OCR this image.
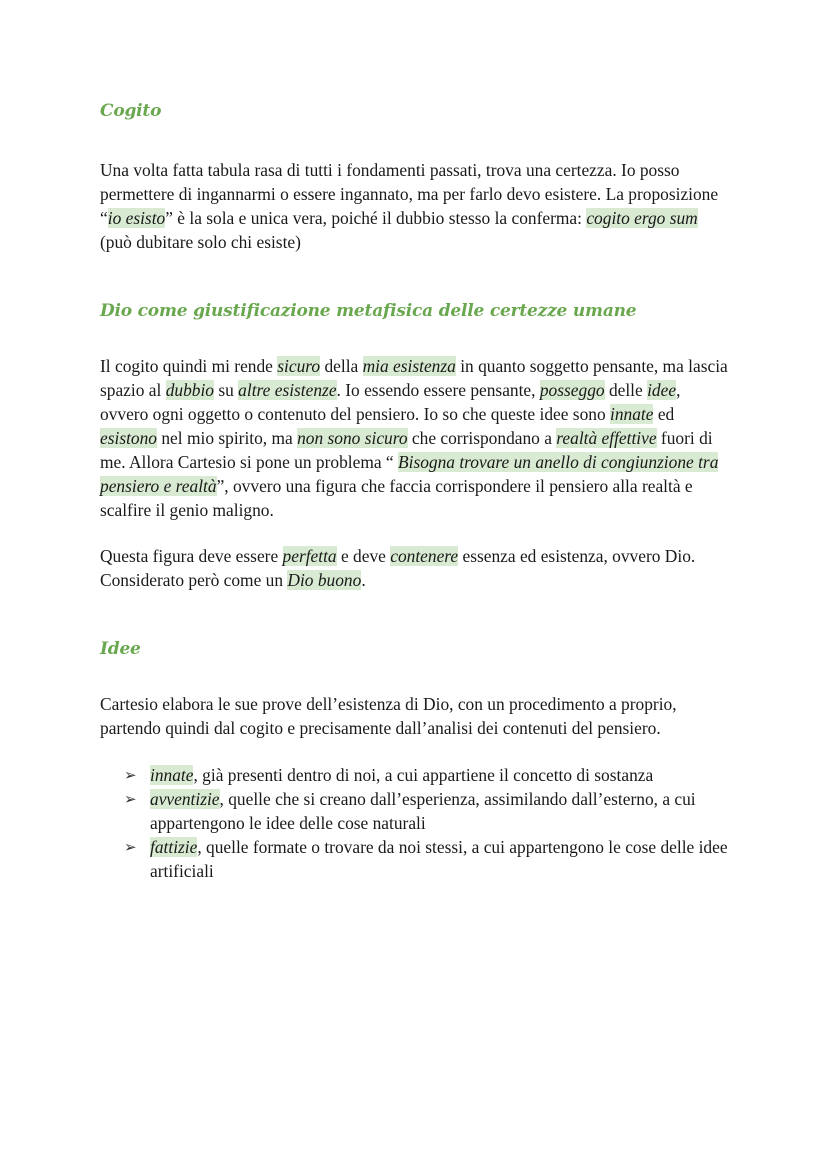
Cogito

Una volta fatta tabula rasa di tutti i fondamenti passati, trova una certezza. Io posso permettere di ingannarmi o essere ingannato, ma per farlo devo esistere. La proposizione “io esisto” è la sola e unica vera, poiché il dubbio stesso la conferma: cogito ergo sum (può dubitare solo chi esiste)

Dio come giustificazione metafisica delle certezze umane

Il cogito quindi mi rende sicuro della mia esistenza in quanto soggetto pensante, ma lascia spazio al dubbio su altre esistenze. Io essendo essere pensante, posseggo delle idee, ovvero ogni oggetto o contenuto del pensiero. Io so che queste idee sono innate ed esistono nel mio spirito, ma non sono sicuro che corrispondano a realtà effettive fuori di me. Allora Cartesio si pone un problema “ Bisogna trovare un anello di congiunzione tra pensiero e realtà”, ovvero una figura che faccia corrispondere il pensiero alla realtà e scalfire il genio maligno.

Questa figura deve essere perfetta e deve contenere essenza ed esistenza, ovvero Dio. Considerato però come un Dio buono.

Idee

Cartesio elabora le sue prove dell’esistenza di Dio, con un procedimento a proprio, partendo quindi dal cogito e precisamente dall’analisi dei contenuti del pensiero.

➢ innate, già presenti dentro di noi, a cui appartiene il concetto di sostanza
➢ avventizie, quelle che si creano dall’esperienza, assimilando dall’esterno, a cui appartengono le idee delle cose naturali
➢ fattizie, quelle formate o trovare da noi stessi, a cui appartengono le cose delle idee artificiali
